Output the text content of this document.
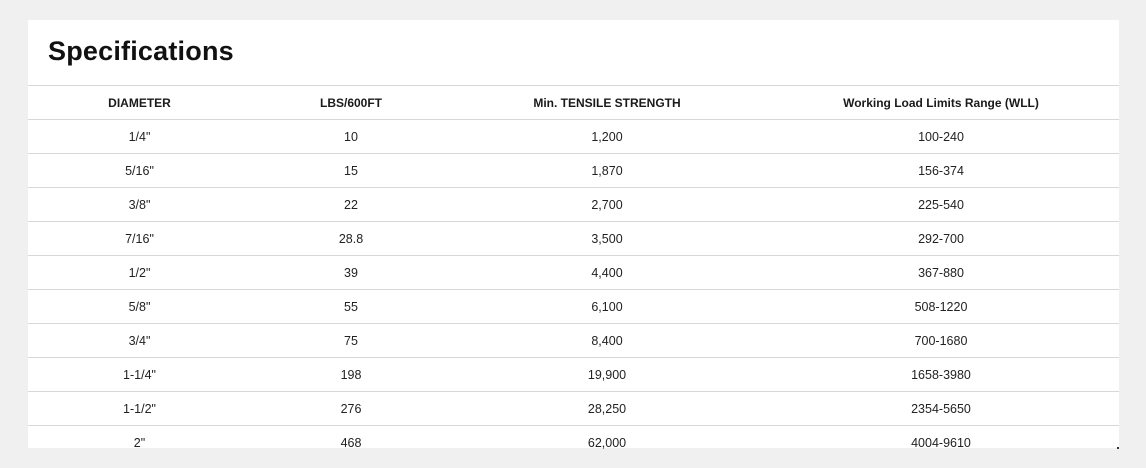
Specifications
DIAMETER	LBS/600FT	Min. TENSILE STRENGTH	Working Load Limits Range (WLL)
1/4"	10	1,200	100-240
5/16"	15	1,870	156-374
3/8"	22	2,700	225-540
7/16"	28.8	3,500	292-700
1/2"	39	4,400	367-880
5/8"	55	6,100	508-1220
3/4"	75	8,400	700-1680
1-1/4"	198	19,900	1658-3980
1-1/2"	276	28,250	2354-5650
2"	468	62,000	4004-9610
